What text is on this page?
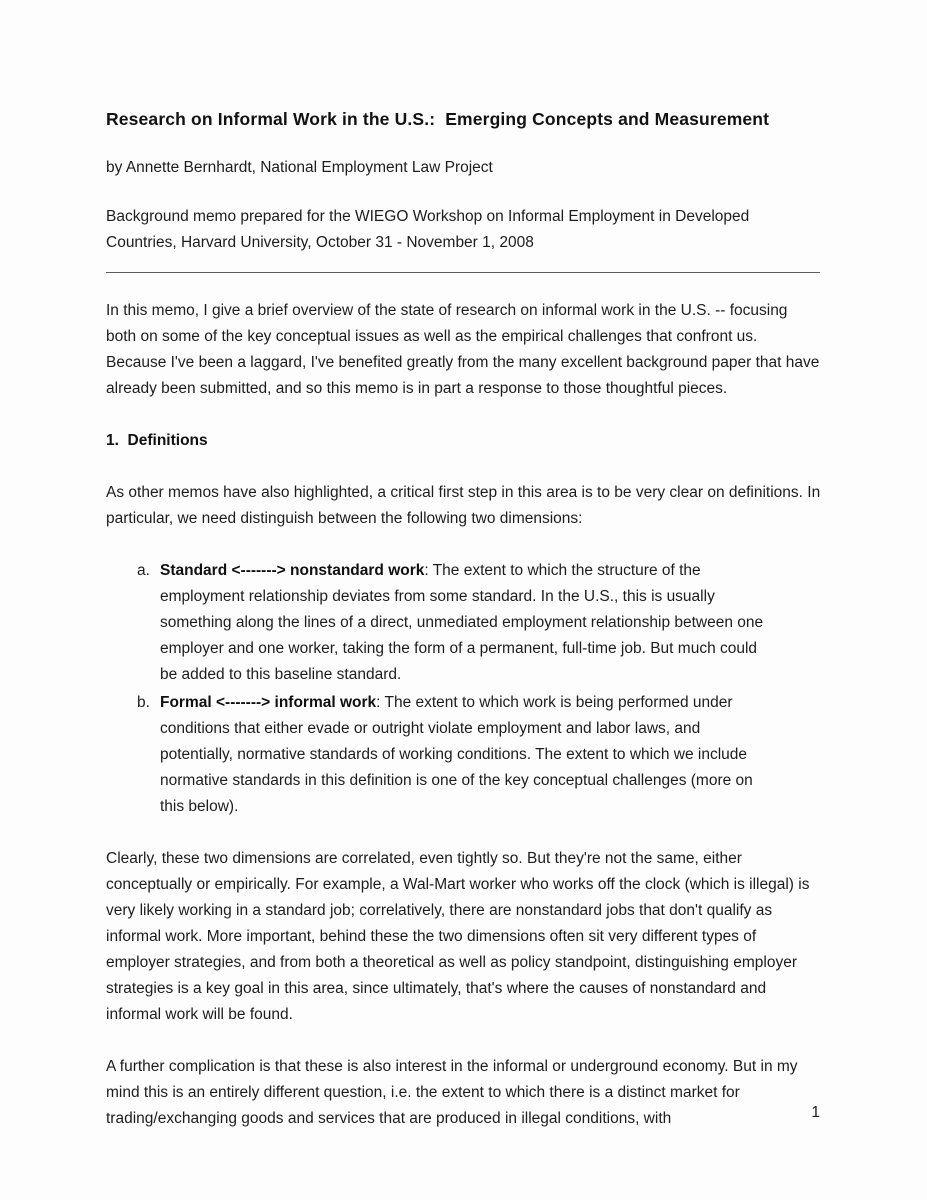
Research on Informal Work in the U.S.:  Emerging Concepts and Measurement

by Annette Bernhardt, National Employment Law Project

Background memo prepared for the WIEGO Workshop on Informal Employment in Developed Countries, Harvard University, October 31 - November 1, 2008

In this memo, I give a brief overview of the state of research on informal work in the U.S. -- focusing both on some of the key conceptual issues as well as the empirical challenges that confront us. Because I've been a laggard, I've benefited greatly from the many excellent background paper that have already been submitted, and so this memo is in part a response to those thoughtful pieces.

1.  Definitions

As other memos have also highlighted, a critical first step in this area is to be very clear on definitions. In particular, we need distinguish between the following two dimensions:

a. Standard <-------> nonstandard work: The extent to which the structure of the employment relationship deviates from some standard. In the U.S., this is usually something along the lines of a direct, unmediated employment relationship between one employer and one worker, taking the form of a permanent, full-time job. But much could be added to this baseline standard.
b. Formal <-------> informal work: The extent to which work is being performed under conditions that either evade or outright violate employment and labor laws, and potentially, normative standards of working conditions. The extent to which we include normative standards in this definition is one of the key conceptual challenges (more on this below).

Clearly, these two dimensions are correlated, even tightly so. But they're not the same, either conceptually or empirically. For example, a Wal-Mart worker who works off the clock (which is illegal) is very likely working in a standard job; correlatively, there are nonstandard jobs that don't qualify as informal work. More important, behind these the two dimensions often sit very different types of employer strategies, and from both a theoretical as well as policy standpoint, distinguishing employer strategies is a key goal in this area, since ultimately, that's where the causes of nonstandard and informal work will be found.

A further complication is that these is also interest in the informal or underground economy. But in my mind this is an entirely different question, i.e. the extent to which there is a distinct market for trading/exchanging goods and services that are produced in illegal conditions, with	1
